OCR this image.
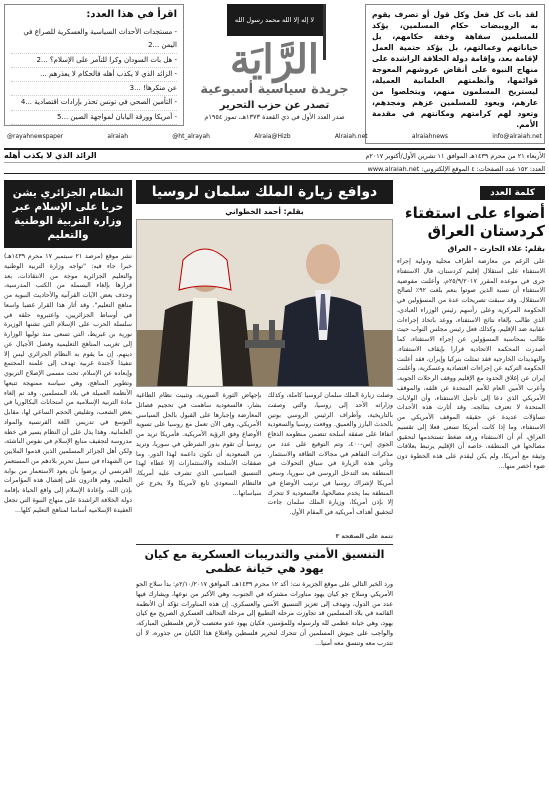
لقد بات كل فعل وكل قول أو تصرف يقوم به الرويبضات حكام المسلمين، يؤكد للمسلمين سفاهة وخفة حكامهم، بل خياناتهم وعمالتهم، بل يؤكد حتمية العمل لإقامة بعد، وإقامة دولة الخلافة الراشدة على منهاج النبوة على أنقاض عروشهم المعوجة قوائمها، وأنظمتهم العلمانية العميلة، ليستريح المسلمون منهم، ويتخلصوا من عارهم، ويعود للمسلمين عزهم ومجدهم، وتعود لهم كرامتهم ومكانتهم في مقدمة الأمم.
لا إله إلا الله محمد رسول الله
الرَّايَة
جريدة سياسية أسبوعية
تصدر عن حزب التحرير
صدر العدد الأول في ذي القعدة ١٣٧٣هـ، تموز ١٩٥٤م
اقرأ في هذا العدد:
- مستجدات الأحداث السياسية والعسكرية للصراع في اليمن ...2
- هل بات السودان وكرا للتآمر على الإسلام؟ ...2
- الزائد الذي لا يكذب أهله فالحكام لا يعذرهم ...
عن منكرها! ...3
- التأمين الصحي في تونس تحذر بإرادات اقتصادية ...4
- أمريكا وورقة اليابان لمواجهة الصين ...5
@rayahnewspaper	alraiah	@ht_alrayah	Alraia@Hizb	Alraiah.net	alraiahnews	info@alraiah.net
الأربعاء ٢١ من محرم ١٤٣٩هـ الموافق ١١ تشرين الأول/أكتوبر ٢٠١٧م
الرائد الذي لا يكذب أهله
العدد: ١٥٢ عدد الصفحات: ٤ الموقع الإلكتروني: www.alraiah.net
كلمة العدد
أضواء على استفتاء كردستان العراق
بقلم: علاء الحارث - العراق
على الرغم من معارضة أطراف محلية ودولية إجراء الاستفتاء على استقلال إقليم كردستان، قال الاستفتاء جرى في موعده المقرر ٢٥/٩/٢٠١٧م، وأعلنت مفوضية الاستفتاء أن نسبة الذين صوتوا بنعم بلغت ٩٢٪ لصالح الاستقلال. وقد سبقت تصريحات عدة من المسؤولين في الحكومة المركزية وعلى رأسهم رئيس الوزراء العبادي، الذي طالب بإلغاء نتائج الاستفتاء، ووعد باتخاذ إجراءات عقابية ضد الإقليم، وكذلك فعل رئيس مجلس النواب حيث طالب بمحاسبة المسؤولين عن إجراء الاستفتاء، كما أصدرت المحكمة الاتحادية قرارا بإيقاف الاستفتاء. والتهديدات الخارجية فقد تمثلت بتركيا وإيران، فقد أعلنت الحكومة التركية عن إجراءات اقتصادية وعسكرية، وأعلنت إيران عن إغلاق الحدود مع الإقليم ووقف الرحلات الجوية، وأعرب الأمين العام للأمم المتحدة عن قلقه، والموقف الأمريكي الذي دعا إلى تأجيل الاستفتاء، وأن الولايات المتحدة لا تعترف بنتائجه. وقد أثارت هذه الأحداث تساؤلات عديدة عن حقيقة الموقف الأمريكي من الاستفتاء، وما إذا كانت أمريكا تسعى فعلا إلى تقسيم العراق، أم أن الاستفتاء ورقة ضغط تستخدمها لتحقيق مصالحها في المنطقة، خاصة أن الإقليم يرتبط بعلاقات وثيقة مع أمريكا، ولم يكن ليقدم على هذه الخطوة دون ضوء أخضر منها...
دوافع زيارة الملك سلمان لروسيا
بقلم: أحمد الخطواني
وصلت زيارة الملك سلمان لروسيا كاملة، وكذلك وزاراته الأحد إلى روسيا، والتي وصفت بالتاريخية، وأطراف الرئيس الروسي بوتين بالحدث البارز والعميق. ووقعت روسيا والسعودية اتفاقا على صفقة أسلحة تتضمن منظومة الدفاع الجوي إس-٤٠٠، وتم التوقيع على عدد من مذكرات التفاهم في مجالات الطاقة والاستثمار. وتأتي هذه الزيارة في سياق التحولات في المنطقة بعد التدخل الروسي في سوريا، وسعي أمريكا لإشراك روسيا في ترتيب الأوضاع في المنطقة بما يخدم مصالحها، فالسعودية لا تتحرك إلا بإذن أمريكا، وزيارة الملك سلمان جاءت لتحقيق أهداف أمريكية في المقام الأول.
بإجهاض الثورة السورية، وتثبيت نظام الطاغية بشار، فالسعودية ساهمت في تحجيم فصائل المعارضة وإجبارها على القبول بالحل السياسي الأمريكي، وهي الآن تعمل مع روسيا على تسوية الأوضاع وفق الرؤية الأمريكية. فأمريكا تريد من روسيا أن تقوم بدور الشرطي في سوريا، وتريد من السعودية أن تكون داعمة لهذا الدور. وما صفقات الأسلحة والاستثمارات إلا غطاء لهذا التنسيق السياسي الذي تشرف عليه أمريكا، فالنظام السعودي تابع لأمريكا ولا يخرج عن سياساتها...
تتمة على الصفحة ٣
التنسيق الأمني والتدريبات العسكرية مع كيان يهود هي خيانة عظمى
ورد الخبر التالي على موقع الجزيرة نت: أكد ١٢ محرم ١٤٣٩هـ، الموافق ٢/١٠/٢٠١٧م: بدأ سلاح الجو الأمريكي وسلاح جو كيان يهود مناورات مشتركة في الجنوب، وهي الأكبر من نوعها، ويشارك فيها عدد من الدول، وتهدف إلى تعزيز التنسيق الأمني والعسكري. إن هذه المناورات تؤكد أن الأنظمة القائمة في بلاد المسلمين قد تجاوزت مرحلة التطبيع إلى مرحلة التحالف العسكري الصريح مع كيان يهود، وهي خيانة عظمى لله ولرسوله وللمؤمنين، فكيان يهود عدو مغتصب لأرض فلسطين المباركة، والواجب على جيوش المسلمين أن تتحرك لتحرير فلسطين واقتلاع هذا الكيان من جذوره، لا أن تتدرب معه وتنسق معه أمنيا...
النظام الجزائري يشن حربا على الإسلام عبر وزارة التربية الوطنية والتعليم
نشر موقع (مرصد ٢١ سبتمبر ١٧ محرم ١٤٣٩هـ) خبرا جاء فيه: "تواجه وزارة التربية الوطنية والتعليم الجزائرية موجة من الانتقادات، بعد قرارها بإلغاء البسملة من الكتب المدرسية، وحذف بعض الآيات القرآنية والأحاديث النبوية من مناهج التعليم". وقد أثار هذا القرار غضبا واسعا في أوساط الجزائريين، واعتبروه حلقة في سلسلة الحرب على الإسلام التي تشنها الوزيرة نورية بن غبريط، التي تسعى منذ توليها الوزارة إلى تغريب المناهج التعليمية وفصل الأجيال عن دينهم. إن ما يقوم به النظام الجزائري ليس إلا تنفيذا لأجندة غربية تهدف إلى علمنة المجتمع وإبعاده عن الإسلام، تحت مسمى الإصلاح التربوي وتطوير المناهج، وهي سياسة ممنهجة تتبعها الأنظمة العميلة في بلاد المسلمين. وقد تم إلغاء مادة التربية الإسلامية من امتحانات البكالوريا في بعض الشعب، وتقليص الحجم الساعي لها، مقابل التوسع في تدريس اللغة الفرنسية والمواد العلمانية. وهذا يدل على أن النظام يسير في خطة مدروسة لتجفيف منابع الإسلام في نفوس الناشئة، ولكن أهل الجزائر المسلمين الذين قدموا الملايين من الشهداء في سبيل تحرير بلادهم من المستعمر الفرنسي لن يرضوا بأن يعود الاستعمار من بوابة التعليم، وهم قادرون على إفشال هذه المؤامرات بإذن الله، وإعادة الإسلام إلى واقع الحياة بإقامة دولة الخلافة الراشدة على منهاج النبوة التي تجعل العقيدة الإسلامية أساسا لمناهج التعليم كلها...
